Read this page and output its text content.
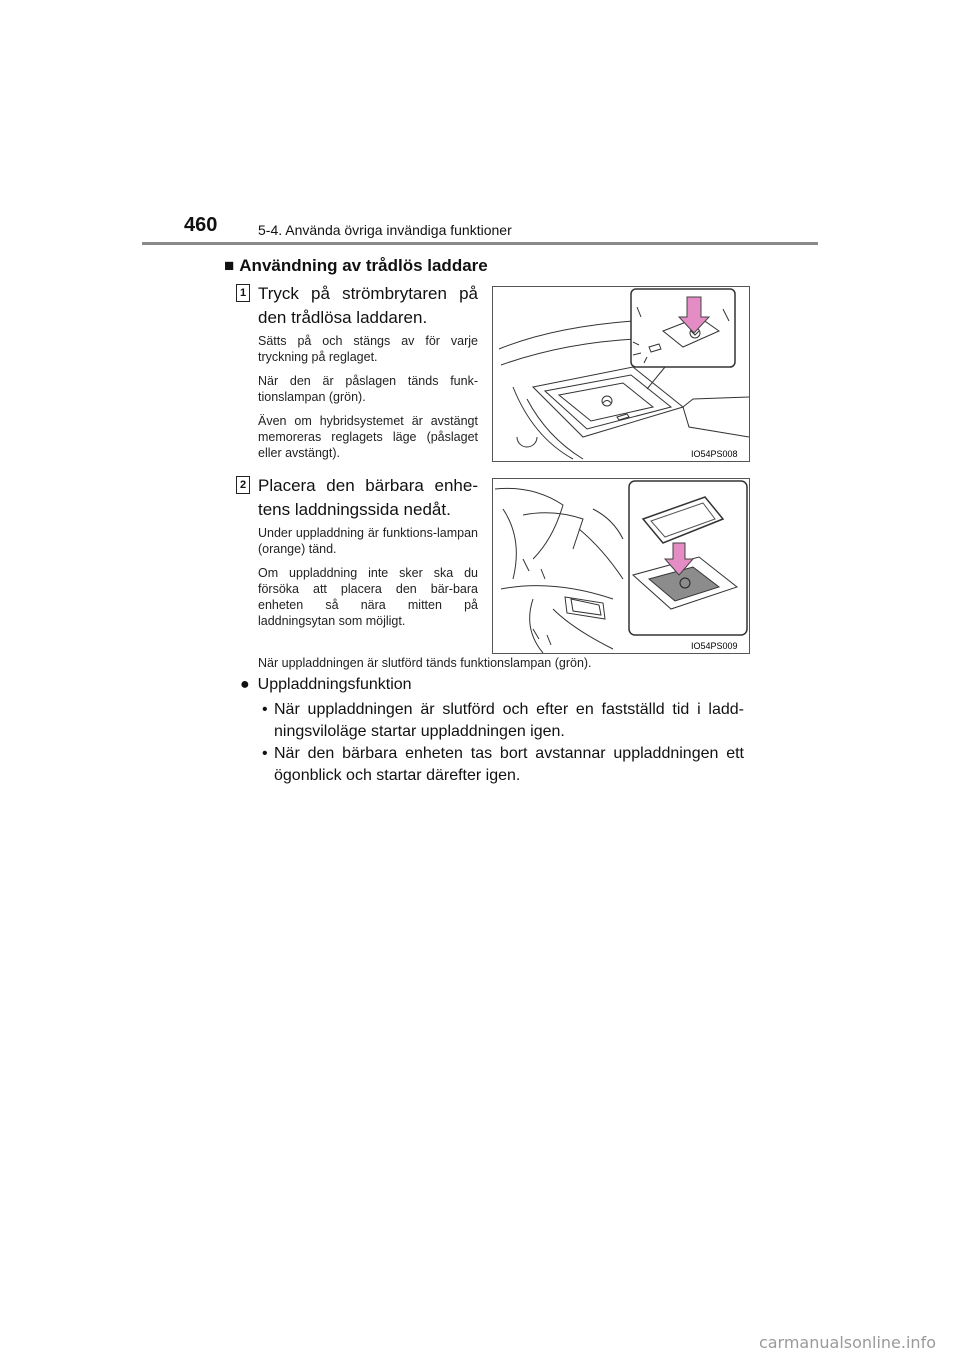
460	5-4. Använda övriga invändiga funktioner
■ Användning av trådlös laddare
1 Tryck på strömbrytaren på den trådlösa laddaren.
Sätts på och stängs av för varje tryckning på reglaget.
När den är påslagen tänds funk-tionslampan (grön).
Även om hybridsystemet är avstängt memoreras reglagets läge (påslaget eller avstängt).	IO54PS008
2 Placera den bärbara enhe-tens laddningssida nedåt.
Under uppladdning är funktions-lampan (orange) tänd.
Om uppladdning inte sker ska du försöka att placera den bär-bara enheten så nära mitten på laddningsytan som möjligt.
IO54PS009
När uppladdningen är slutförd tänds funktionslampan (grön).
● Uppladdningsfunktion
• När uppladdningen är slutförd och efter en fastställd tid i ladd-ningsviloläge startar uppladdningen igen.
• När den bärbara enheten tas bort avstannar uppladdningen ett ögonblick och startar därefter igen.
carmanualsonline.info
